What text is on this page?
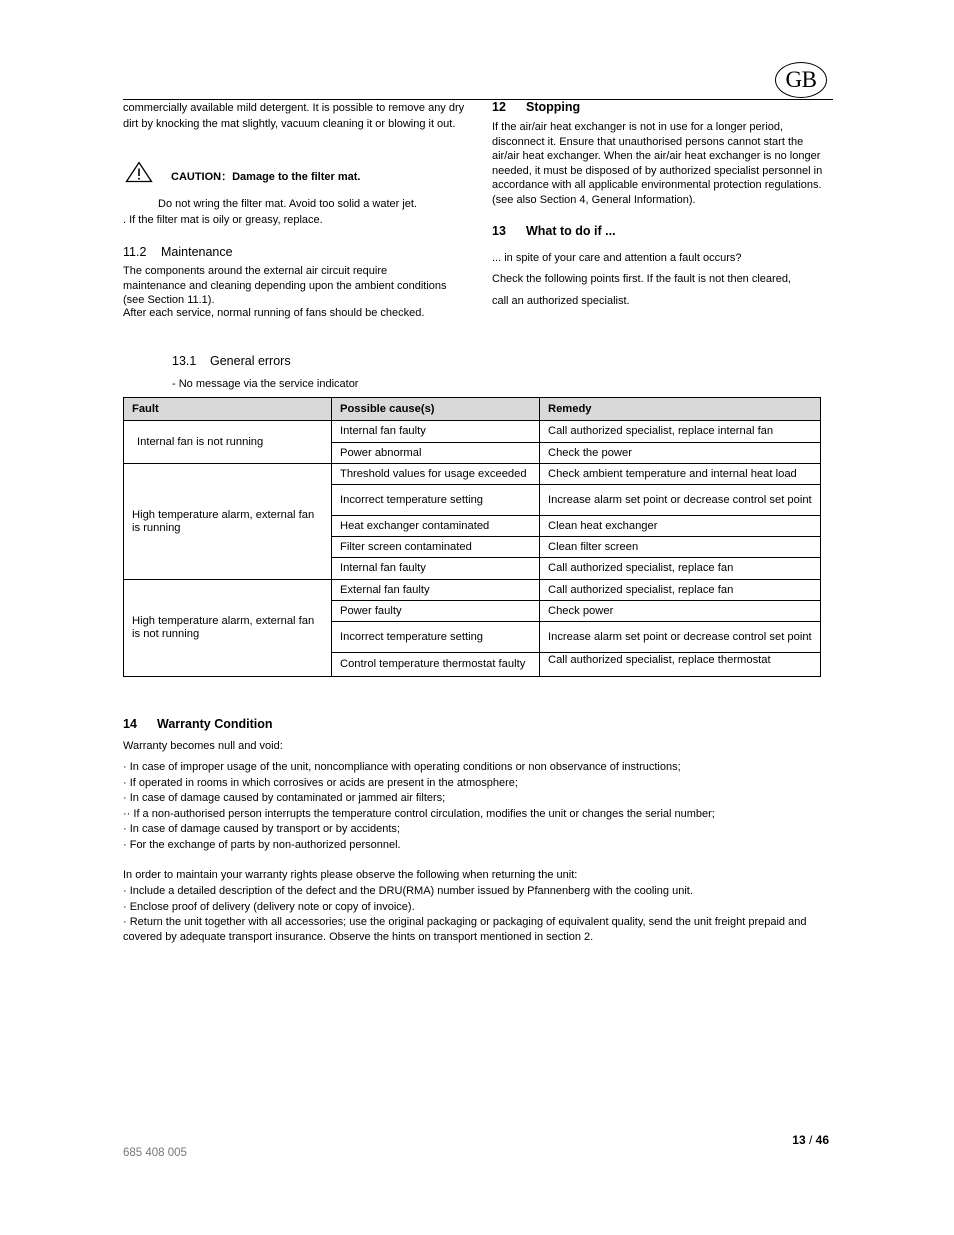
GB

commercially available mild detergent. It is possible to remove any dry dirt by knocking the mat slightly, vacuum cleaning it or blowing it out.

CAUTION：Damage to the filter mat.
Do not wring the filter mat. Avoid too solid a water jet.
. If the filter mat is oily or greasy, replace.
11.2 Maintenance

The components around the external air circuit require maintenance and cleaning depending upon the ambient conditions (see Section 11.1).

After each service, normal running of fans should be checked.

12 Stopping

If the air/air heat exchanger is not in use for a longer period, disconnect it. Ensure that unauthorised persons cannot start the air/air heat exchanger. When the air/air heat exchanger is no longer needed, it must be disposed of by authorized specialist personnel in accordance with all applicable environmental protection regulations. (see also Section 4, General Information).

13 What to do if ...
... in spite of your care and attention a fault occurs?
Check the following points first. If the fault is not then cleared,
call an authorized specialist.
13.1 General errors
- No message via the service indicator
Fault	Possible cause(s)	Remedy
Internal fan is not running	Internal fan faulty	Call authorized specialist, replace internal fan
	Power abnormal	Check the power
High temperature alarm, external fan is running	Threshold values for usage exceeded	Check ambient temperature and internal heat load
	Incorrect temperature setting	Increase alarm set point or decrease control set point
	Heat exchanger contaminated	Clean heat exchanger
	Filter screen contaminated	Clean filter screen
	Internal fan faulty	Call authorized specialist, replace fan
High temperature alarm, external fan is not running	External fan faulty	Call authorized specialist, replace fan
	Power faulty	Check power
	Incorrect temperature setting	Increase alarm set point or decrease control set point
	Control temperature thermostat faulty	Call authorized specialist, replace thermostat
14 Warranty Condition
Warranty becomes null and void:

· In case of improper usage of the unit, noncompliance with operating conditions or non observance of instructions;

· If operated in rooms in which corrosives or acids are present in the atmosphere;

· In case of damage caused by contaminated or jammed air filters;

·· If a non-authorised person interrupts the temperature control circulation, modifies the unit or changes the serial number;

· In case of damage caused by transport or by accidents;

· For the exchange of parts by non-authorized personnel.

In order to maintain your warranty rights please observe the following when returning the unit:

· Include a detailed description of the defect and the DRU(RMA) number issued by Pfannenberg with the cooling unit.

· Enclose proof of delivery (delivery note or copy of invoice).

· Return the unit together with all accessories; use the original packaging or packaging of equivalent quality, send the unit freight prepaid and covered by adequate transport insurance. Observe the hints on transport mentioned in section 2.

13 / 46
685 408 005
